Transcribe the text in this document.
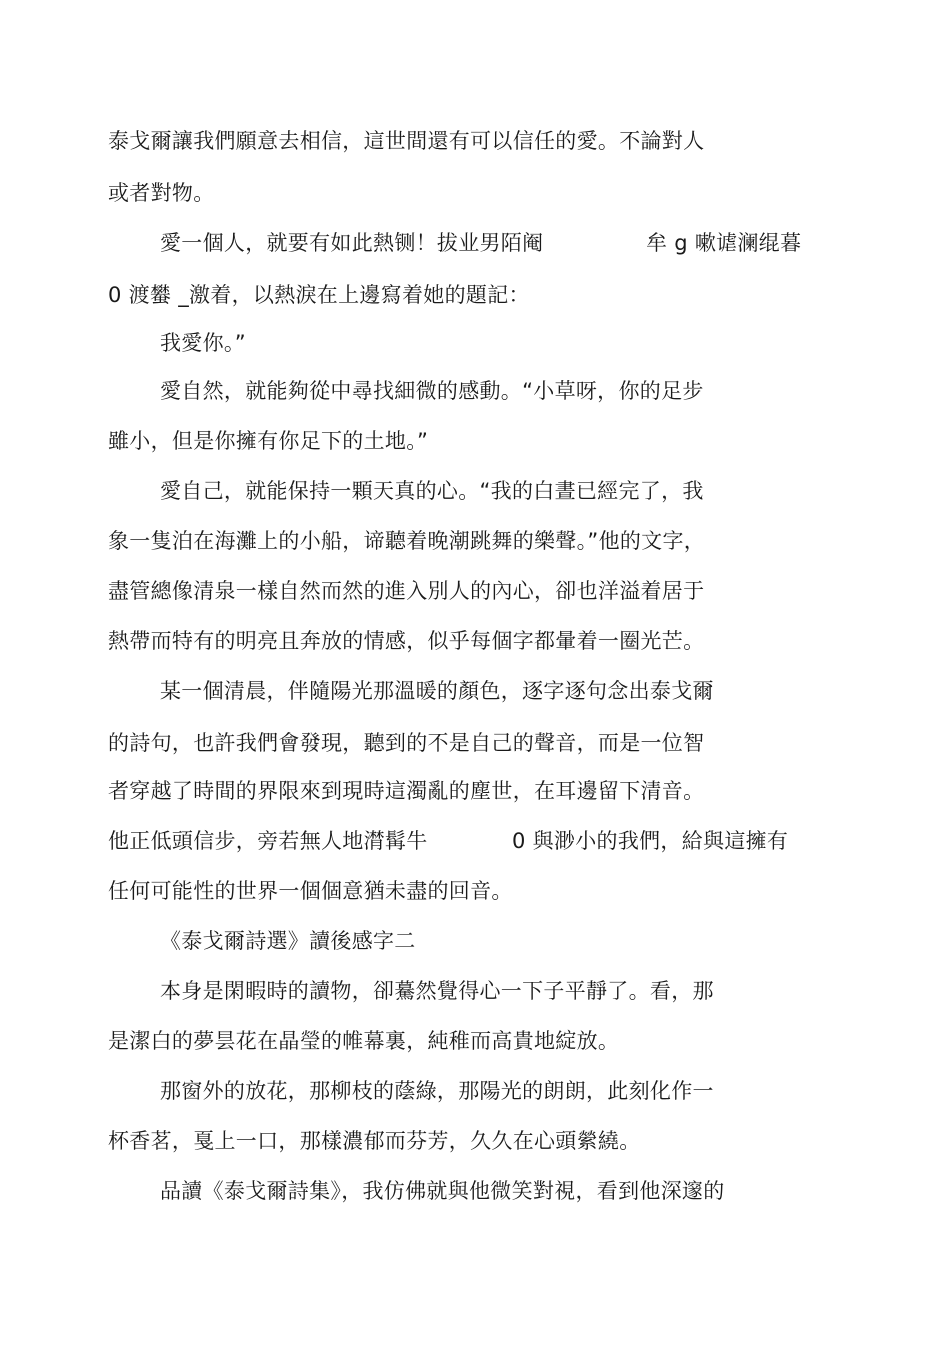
泰戈爾讓我們願意去相信，這世間還有可以信任的愛。不論對人

或者對物。

愛一個人，就要有如此熱铡！拔业男陌阉	牟 g 嗽谑澜绲暮

0 渡蠜 _激着，以熱淚在上邊寫着她的題記：

我愛你。”

愛自然，就能夠從中尋找細微的感動。“小草呀，你的足步

雖小，但是你擁有你足下的土地。”

愛自己，就能保持一顆天真的心。“我的白晝已經完了，我

象一隻泊在海灘上的小船，谛聽着晚潮跳舞的樂聲。”他的文字，

盡管總像清泉一樣自然而然的進入別人的內心，卻也洋溢着居于

熱帶而特有的明亮且奔放的情感，似乎每個字都暈着一圈光芒。

某一個清晨，伴隨陽光那溫暖的顏色，逐字逐句念出泰戈爾

的詩句，也許我們會發現，聽到的不是自己的聲音，而是一位智

者穿越了時間的界限來到現時這濁亂的塵世，在耳邊留下清音。

他正低頭信步，旁若無人地潸髯牛	0 與渺小的我們，給與這擁有

任何可能性的世界一個個意猶未盡的回音。

《泰戈爾詩選》讀後感字二

本身是閑暇時的讀物，卻驀然覺得心一下子平靜了。看，那

是潔白的夢昙花在晶瑩的帷幕裏，純稚而高貴地綻放。

那窗外的放花，那柳枝的蔭綠，那陽光的朗朗，此刻化作一

杯香茗，戛上一口，那樣濃郁而芬芳，久久在心頭縈繞。

品讀《泰戈爾詩集》，我仿佛就與他微笑對視，看到他深邃的
